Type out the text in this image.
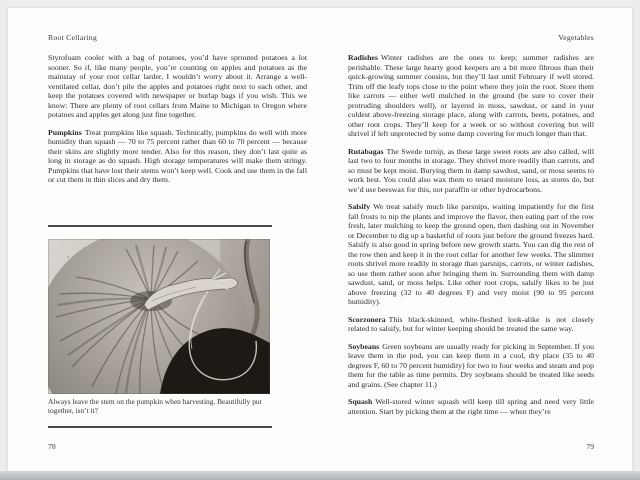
Root Cellaring

Styrofoam cooler with a bag of potatoes, you’d have sprouted potatoes a lot sooner. So if, like many people, you’re counting on apples and potatoes as the mainstay of your root cellar larder, I wouldn’t worry about it. Arrange a well-ventilated cellar, don’t pile the apples and potatoes right next to each other, and keep the potatoes covered with newspaper or burlap bags if you wish. This we know: There are plenty of root cellars from Maine to Michigan to Oregon where potatoes and apples get along just fine together.

Pumpkins Treat pumpkins like squash. Technically, pumpkins do well with more humidity than squash — 70 to 75 percent rather than 60 to 70 percent — because their skins are slightly more tender. Also for this reason, they don’t last quite as long in storage as do squash. High storage temperatures will make them stringy. Pumpkins that have lost their stems won’t keep well. Cook and use them in the fall or cut them in thin slices and dry them.

Always leave the stem on the pumpkin when harvesting. Beautifully put together, isn’t it?
78
Vegetables

Radishes Winter radishes are the ones to keep; summer radishes are perishable. These large hearty good keepers are a bit more fibrous than their quick-growing summer cousins, but they’ll last until February if well stored. Trim off the leafy tops close to the point where they join the root. Store them like carrots — either well mulched in the ground (be sure to cover their protruding shoulders well), or layered in moss, sawdust, or sand in your coldest above-freezing storage place, along with carrots, beets, potatoes, and other root crops. They’ll keep for a week or so without covering but will shrivel if left unprotected by some damp covering for much longer than that.

Rutabagas The Swede turnip, as these large sweet roots are also called, will last two to four months in storage. They shrivel more readily than carrots, and so must be kept moist. Burying them in damp sawdust, sand, or moss seems to work best. You could also wax them to retard moisture loss, as stores do, but we’d use beeswax for this, not paraffin or other hydrocarbons.

Salsify We treat salsify much like parsnips, waiting impatiently for the first fall frosts to nip the plants and improve the flavor, then eating part of the row fresh, later mulching to keep the ground open, then dashing out in November or December to dig up a basketful of roots just before the ground freezes hard. Salsify is also good in spring before new growth starts. You can dig the rest of the row then and keep it in the root cellar for another few weeks. The slimmer roots shrivel more readily in storage than parsnips, carrots, or winter radishes, so use them rather soon after bringing them in. Surrounding them with damp sawdust, sand, or moss helps. Like other root crops, salsify likes to be just above freezing (32 to 40 degrees F) and very moist (90 to 95 percent humidity).

Scorzonera This black-skinned, white-fleshed look-alike is not closely related to salsify, but for winter keeping should be treated the same way.

Soybeans Green soybeans are usually ready for picking in September. If you leave them in the pod, you can keep them in a cool, dry place (35 to 40 degrees F, 60 to 70 percent humidity) for two to four weeks and steam and pop them for the table as time permits. Dry soybeans should be treated like seeds and grains. (See chapter 11.)

Squash Well-stored winter squash will keep till spring and need very little attention. Start by picking them at the right time — when they’re

79
